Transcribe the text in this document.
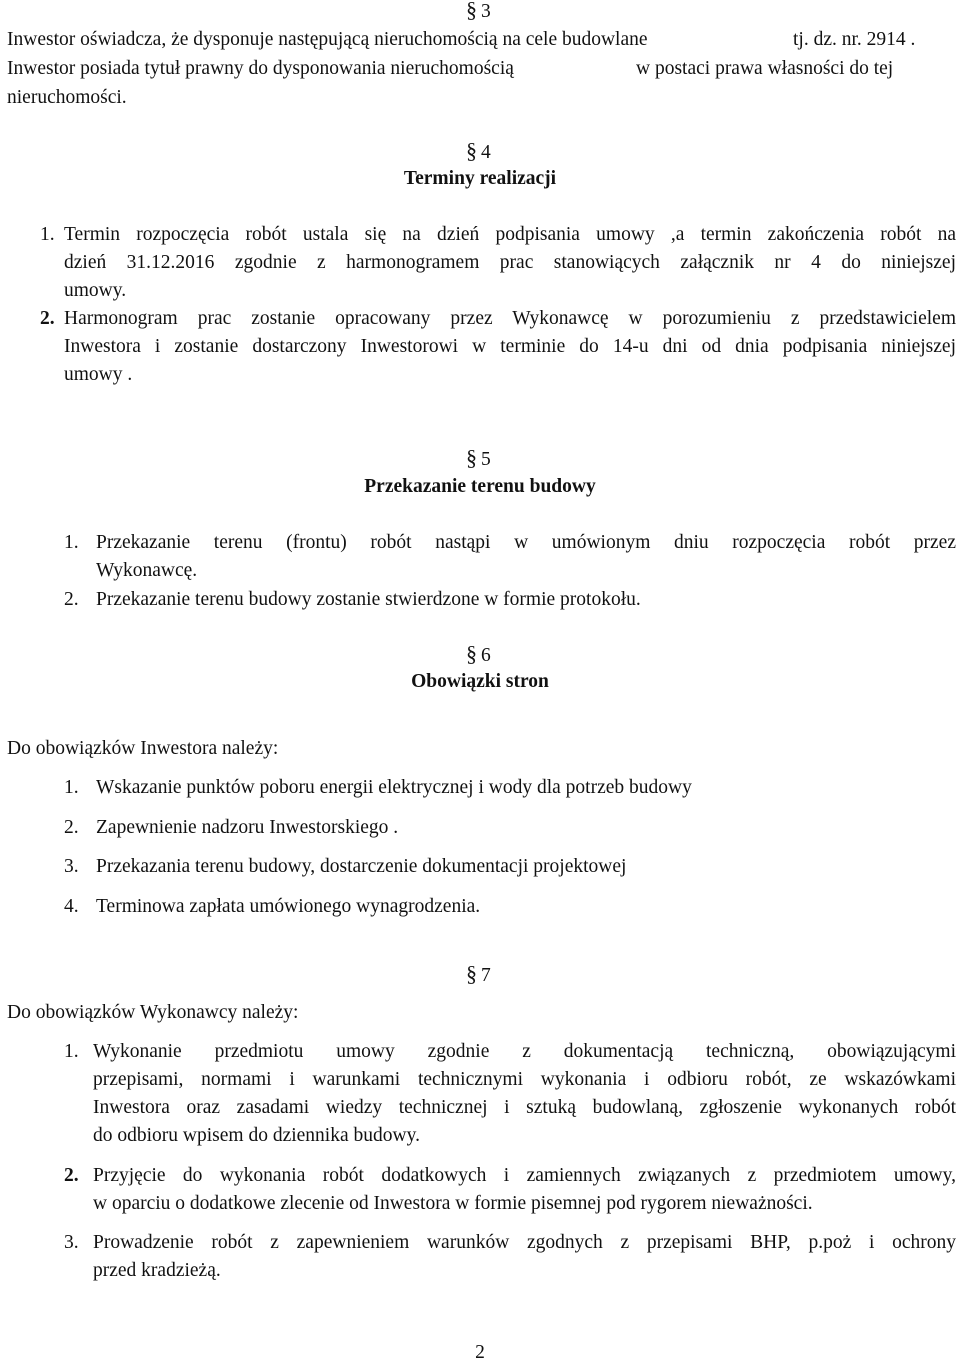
§ 3
Inwestor oświadcza, że dysponuje następującą nieruchomością na cele budowlane	tj. dz. nr. 2914 .
Inwestor posiada tytuł prawny do dysponowania nieruchomością	w postaci prawa własności do tej
nieruchomości.
§ 4
Terminy realizacji
1. Termin rozpoczęcia robót ustala się na dzień podpisania umowy ,a termin zakończenia robót na
dzień 31.12.2016 zgodnie z harmonogramem prac stanowiących załącznik nr 4 do niniejszej
umowy.
2. Harmonogram prac zostanie opracowany przez Wykonawcę w porozumieniu z przedstawicielem
Inwestora i zostanie dostarczony Inwestorowi w terminie do 14-u dni od dnia podpisania niniejszej
umowy .
§ 5
Przekazanie terenu budowy
1. Przekazanie terenu (frontu) robót nastąpi w umówionym dniu rozpoczęcia robót przez
Wykonawcę.
2. Przekazanie terenu budowy zostanie stwierdzone w formie protokołu.
§ 6
Obowiązki stron
Do obowiązków Inwestora należy:
1. Wskazanie punktów poboru energii elektrycznej i wody dla potrzeb budowy
2. Zapewnienie nadzoru Inwestorskiego .
3. Przekazania terenu budowy, dostarczenie dokumentacji projektowej
4. Terminowa zapłata umówionego wynagrodzenia.
§ 7
Do obowiązków Wykonawcy należy:
1. Wykonanie przedmiotu umowy zgodnie z dokumentacją techniczną, obowiązującymi
przepisami, normami i warunkami technicznymi wykonania i odbioru robót, ze wskazówkami
Inwestora oraz zasadami wiedzy technicznej i sztuką budowlaną, zgłoszenie wykonanych robót
do odbioru wpisem do dziennika budowy.
2. Przyjęcie do wykonania robót dodatkowych i zamiennych związanych z przedmiotem umowy,
w oparciu o dodatkowe zlecenie od Inwestora w formie pisemnej pod rygorem nieważności.
3. Prowadzenie robót z zapewnieniem warunków zgodnych z przepisami BHP, p.poż i ochrony
przed kradzieżą.
2
